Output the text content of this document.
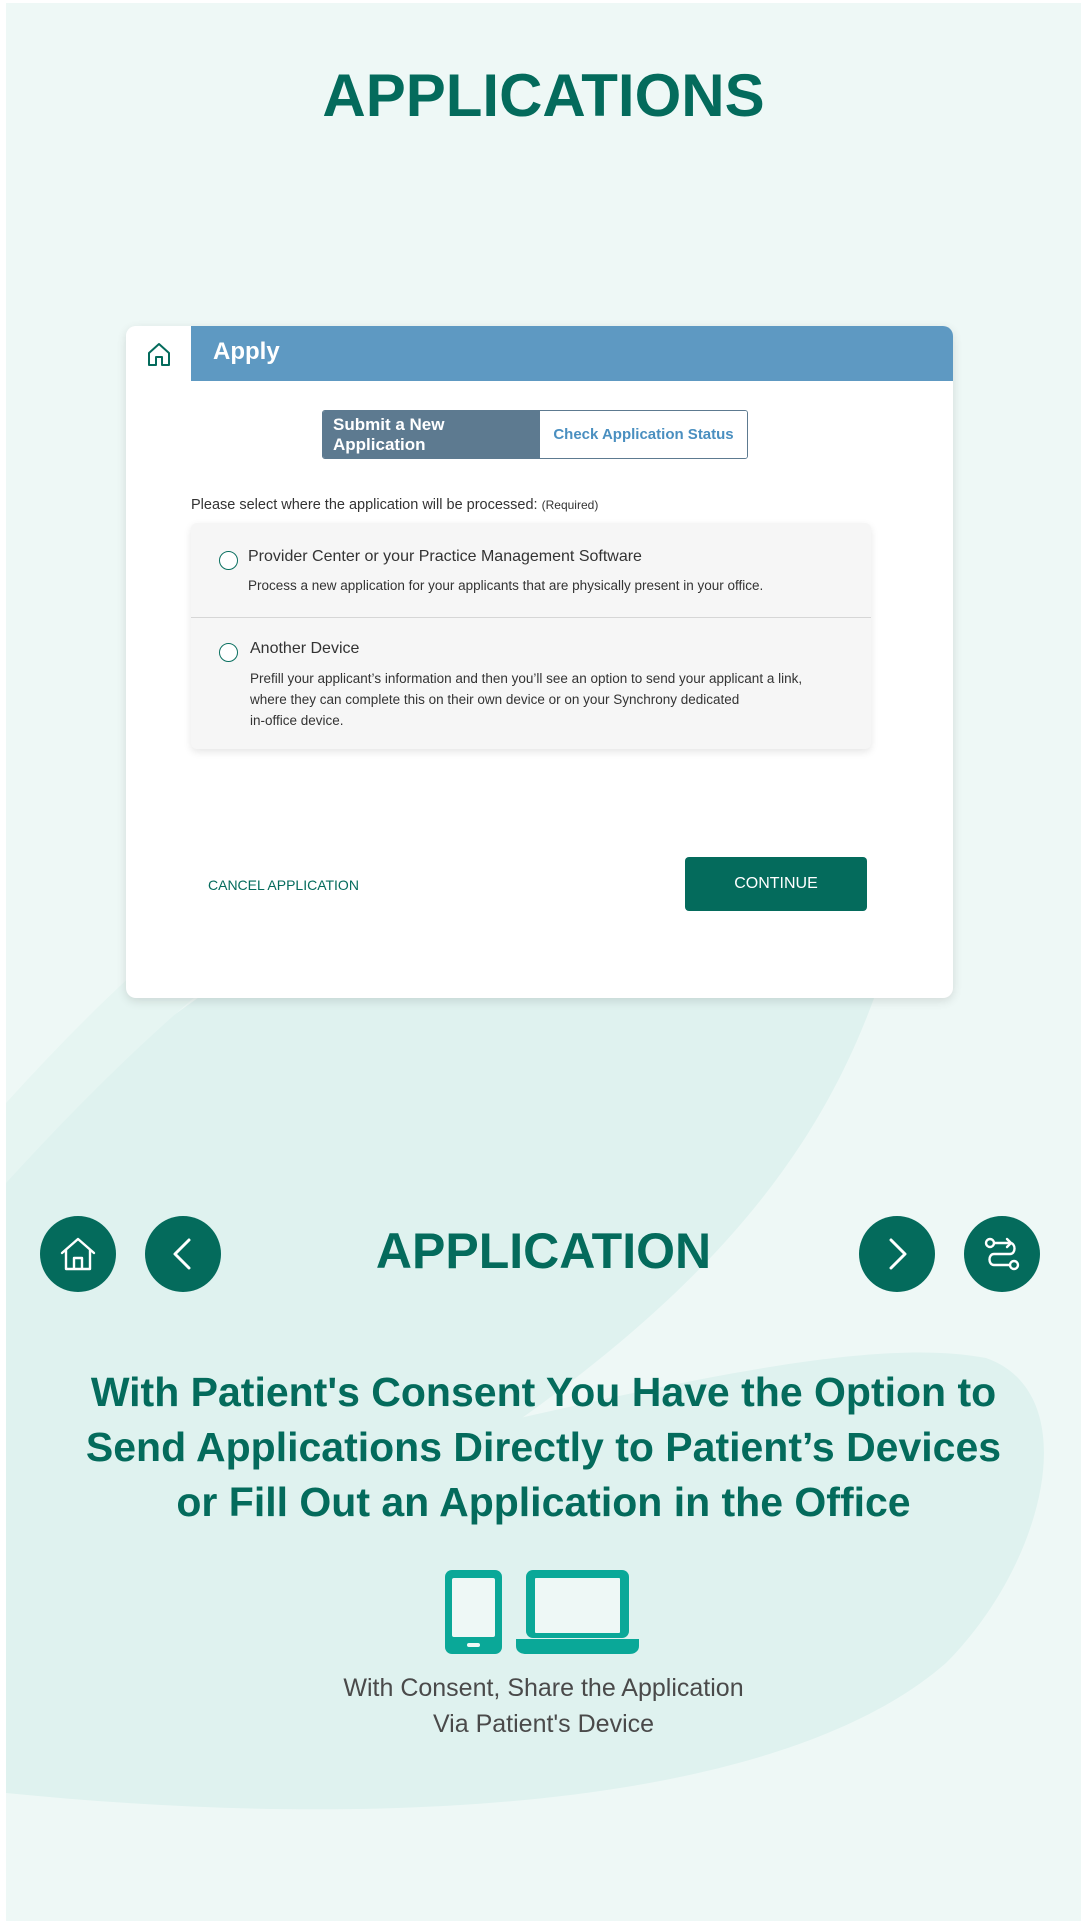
APPLICATIONS
Apply
Submit a New Application	Check Application Status
Please select where the application will be processed: (Required)
Provider Center or your Practice Management Software
Process a new application for your applicants that are physically present in your office.
Another Device
Prefill your applicant’s information and then you’ll see an option to send your applicant a link,
where they can complete this on their own device or on your Synchrony dedicated
in-office device.
CANCEL APPLICATION	CONTINUE
APPLICATION
With Patient's Consent You Have the Option to
Send Applications Directly to Patient’s Devices
or Fill Out an Application in the Office
With Consent, Share the Application
Via Patient's Device
